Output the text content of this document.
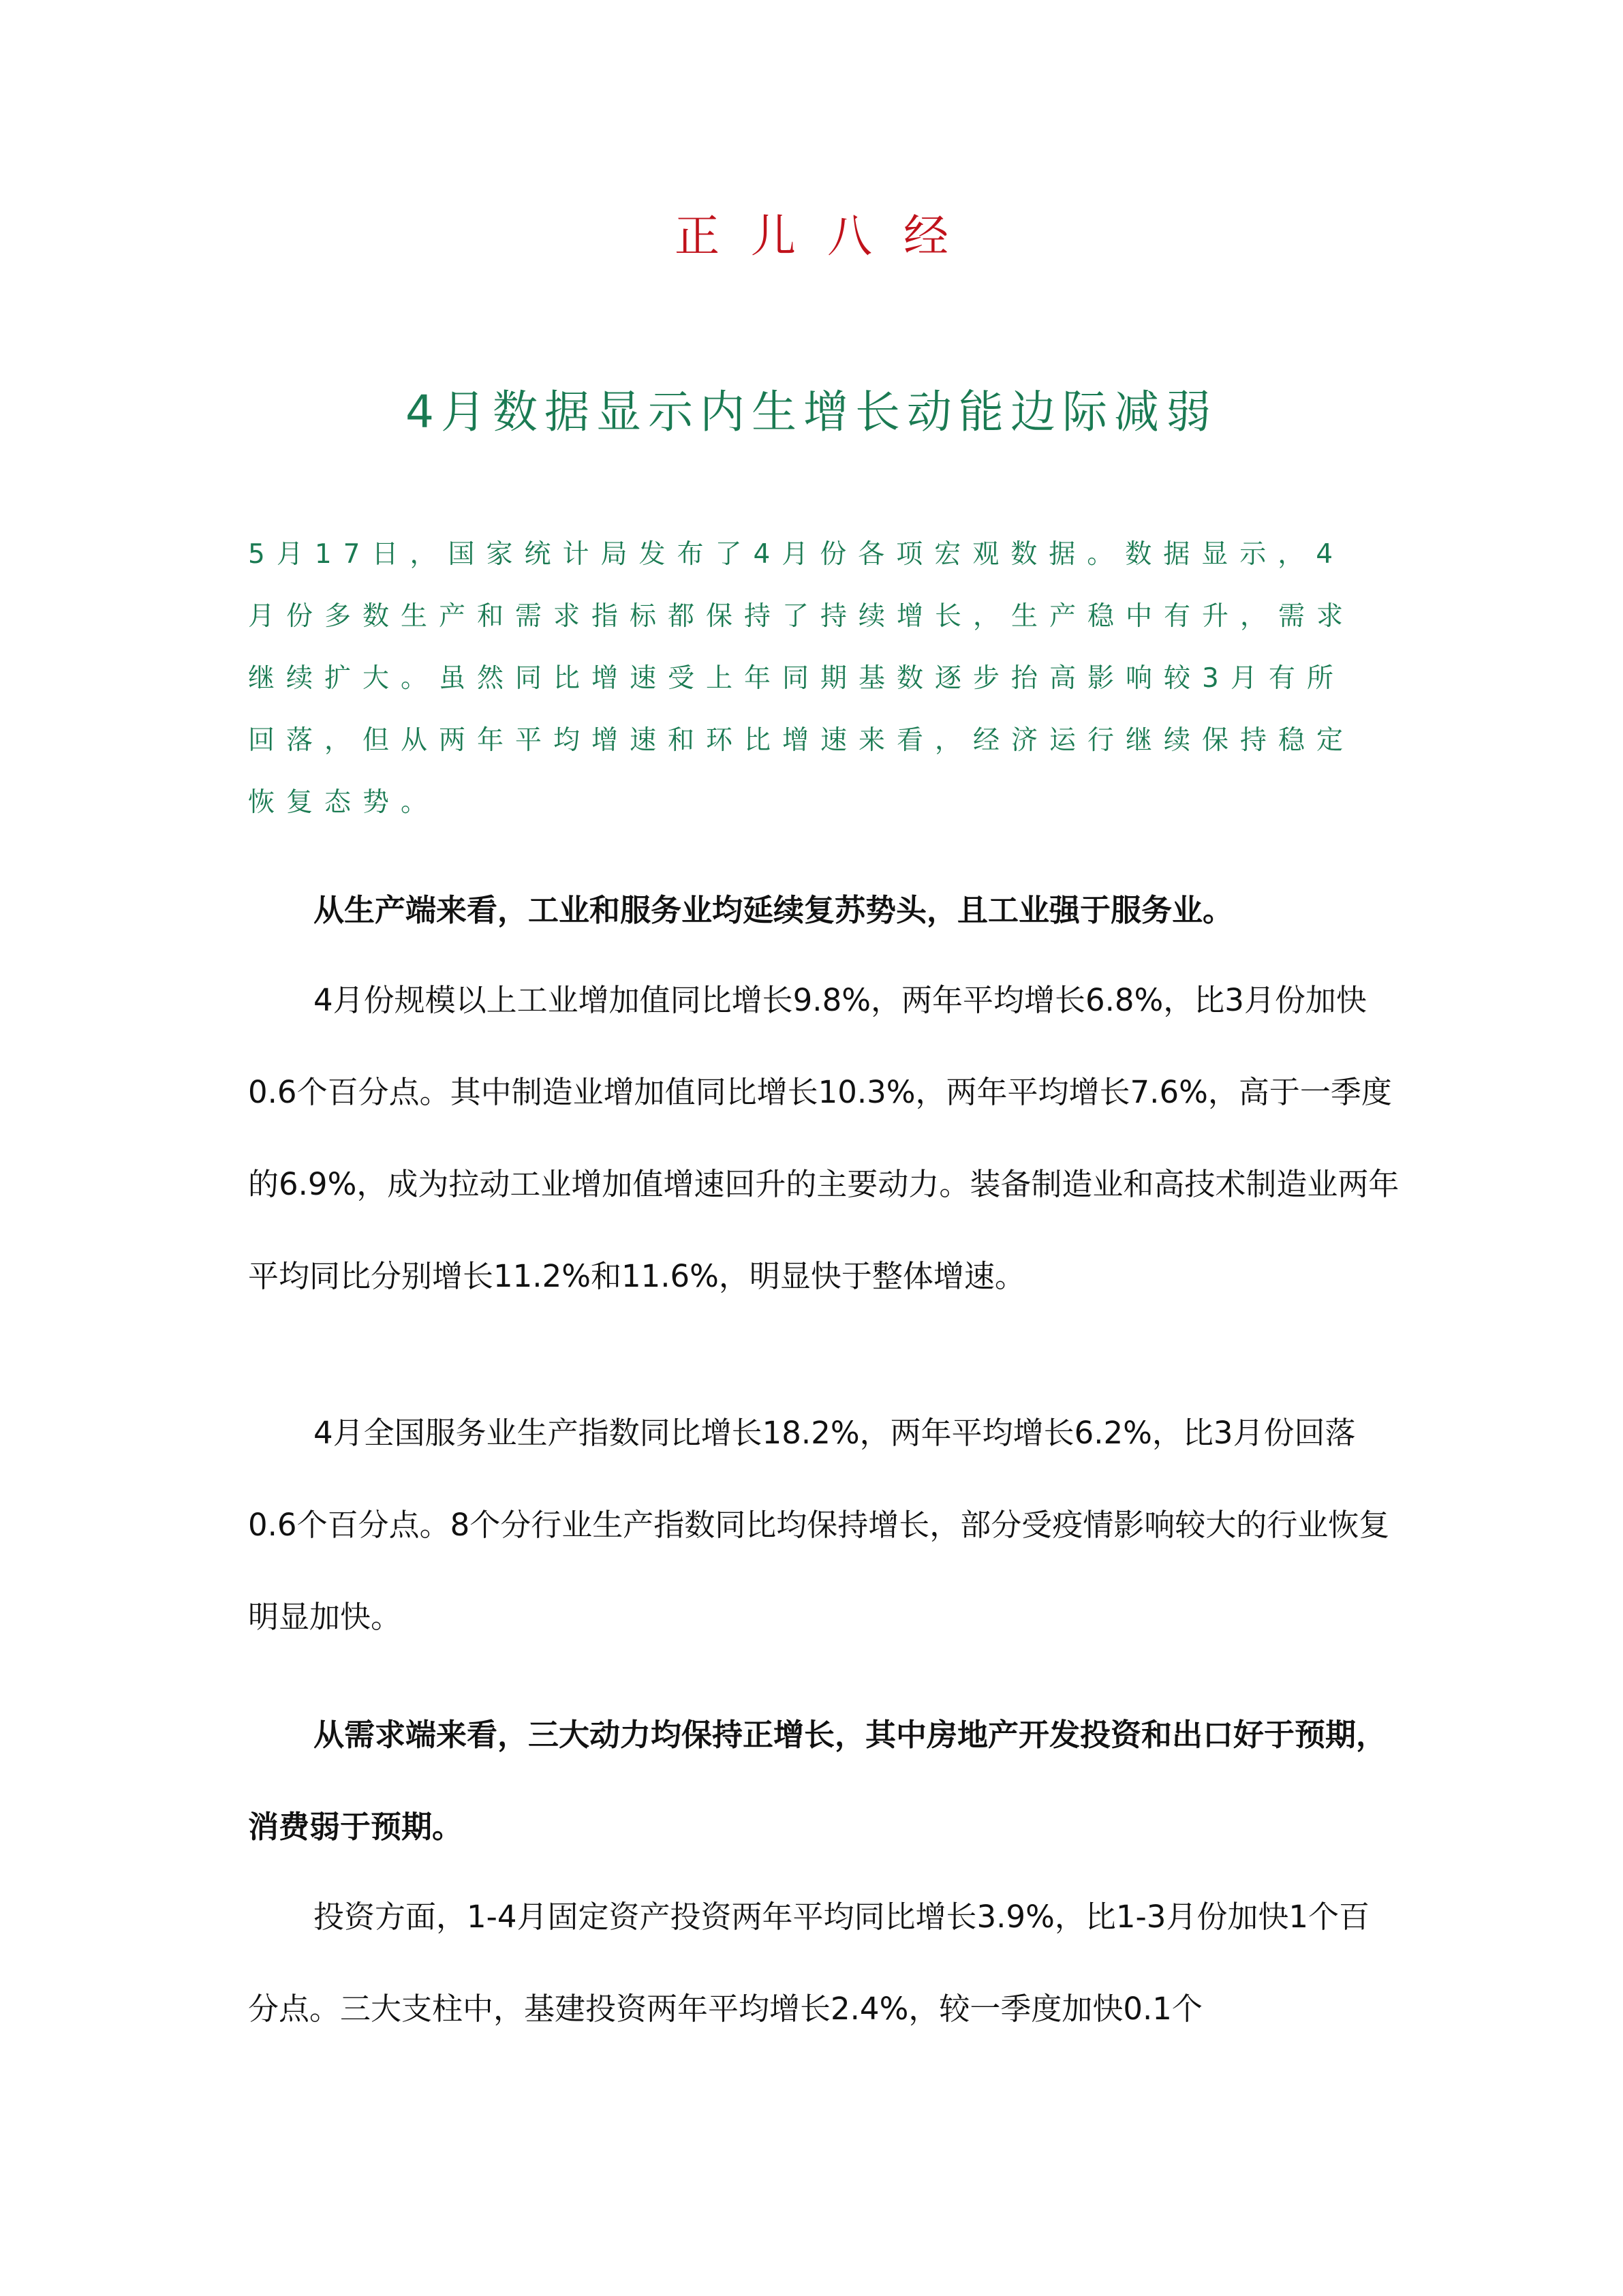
正儿八经
4月数据显示内生增长动能边际减弱

5月17日，国家统计局发布了4月份各项宏观数据。数据显示，4月份多数生产和需求指标都保持了持续增长，生产稳中有升，需求继续扩大。虽然同比增速受上年同期基数逐步抬高影响较3月有所回落，但从两年平均增速和环比增速来看，经济运行继续保持稳定恢复态势。

从生产端来看，工业和服务业均延续复苏势头，且工业强于服务业。

4月份规模以上工业增加值同比增长9.8%，两年平均增长6.8%，比3月份加快0.6个百分点。其中制造业增加值同比增长10.3%，两年平均增长7.6%，高于一季度的6.9%，成为拉动工业增加值增速回升的主要动力。装备制造业和高技术制造业两年平均同比分别增长11.2%和11.6%，明显快于整体增速。

4月全国服务业生产指数同比增长18.2%，两年平均增长6.2%，比3月份回落0.6个百分点。8个分行业生产指数同比均保持增长，部分受疫情影响较大的行业恢复明显加快。

从需求端来看，三大动力均保持正增长，其中房地产开发投资和出口好于预期，消费弱于预期。

投资方面，1-4月固定资产投资两年平均同比增长3.9%，比1-3月份加快1个百分点。三大支柱中，基建投资两年平均增长2.4%，较一季度加快0.1个
